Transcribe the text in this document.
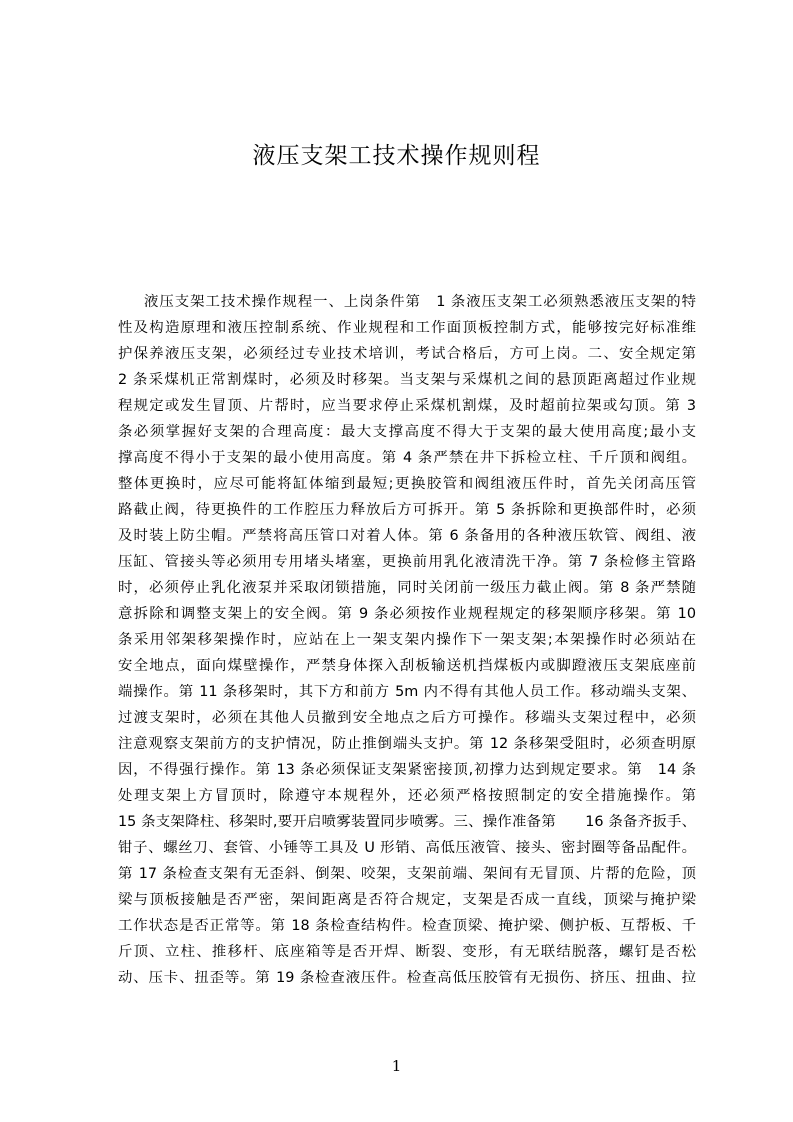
液压支架工技术操作规则程
液压支架工技术操作规程一、上岗条件第　1 条液压支架工必须熟悉液压支架的特
性及构造原理和液压控制系统、作业规程和工作面顶板控制方式，能够按完好标准维
护保养液压支架，必须经过专业技术培训，考试合格后，方可上岗。二、安全规定第
2 条采煤机正常割煤时，必须及时移架。当支架与采煤机之间的悬顶距离超过作业规
程规定或发生冒顶、片帮时，应当要求停止采煤机割煤，及时超前拉架或勾顶。第 3
条必须掌握好支架的合理高度：最大支撑高度不得大于支架的最大使用高度;最小支
撑高度不得小于支架的最小使用高度。第 4 条严禁在井下拆检立柱、千斤顶和阀组。
整体更换时，应尽可能将缸体缩到最短;更换胶管和阀组液压件时，首先关闭高压管
路截止阀，待更换件的工作腔压力释放后方可拆开。第 5 条拆除和更换部件时，必须
及时装上防尘帽。严禁将高压管口对着人体。第 6 条备用的各种液压软管、阀组、液
压缸、管接头等必须用专用堵头堵塞，更换前用乳化液清洗干净。第 7 条检修主管路
时，必须停止乳化液泵并采取闭锁措施，同时关闭前一级压力截止阀。第 8 条严禁随
意拆除和调整支架上的安全阀。第 9 条必须按作业规程规定的移架顺序移架。第 10
条采用邻架移架操作时，应站在上一架支架内操作下一架支架;本架操作时必须站在
安全地点，面向煤壁操作，严禁身体探入刮板输送机挡煤板内或脚蹬液压支架底座前
端操作。第 11 条移架时，其下方和前方 5m 内不得有其他人员工作。移动端头支架、
过渡支架时，必须在其他人员撤到安全地点之后方可操作。移端头支架过程中，必须
注意观察支架前方的支护情况，防止推倒端头支护。第 12 条移架受阻时，必须查明原
因，不得强行操作。第 13 条必须保证支架紧密接顶,初撑力达到规定要求。第　14 条
处理支架上方冒顶时，除遵守本规程外，还必须严格按照制定的安全措施操作。第
15 条支架降柱、移架时,要开启喷雾装置同步喷雾。三、操作准备第　　16 条备齐扳手、
钳子、螺丝刀、套管、小锤等工具及 U 形销、高低压液管、接头、密封圈等备品配件。
第 17 条检查支架有无歪斜、倒架、咬架，支架前端、架间有无冒顶、片帮的危险，顶
梁与顶板接触是否严密，架间距离是否符合规定，支架是否成一直线，顶梁与掩护梁
工作状态是否正常等。第 18 条检查结构件。检查顶梁、掩护梁、侧护板、互帮板、千
斤顶、立柱、推移杆、底座箱等是否开焊、断裂、变形，有无联结脱落，螺钉是否松
动、压卡、扭歪等。第 19 条检查液压件。检查高低压胶管有无损伤、挤压、扭曲、拉
1
